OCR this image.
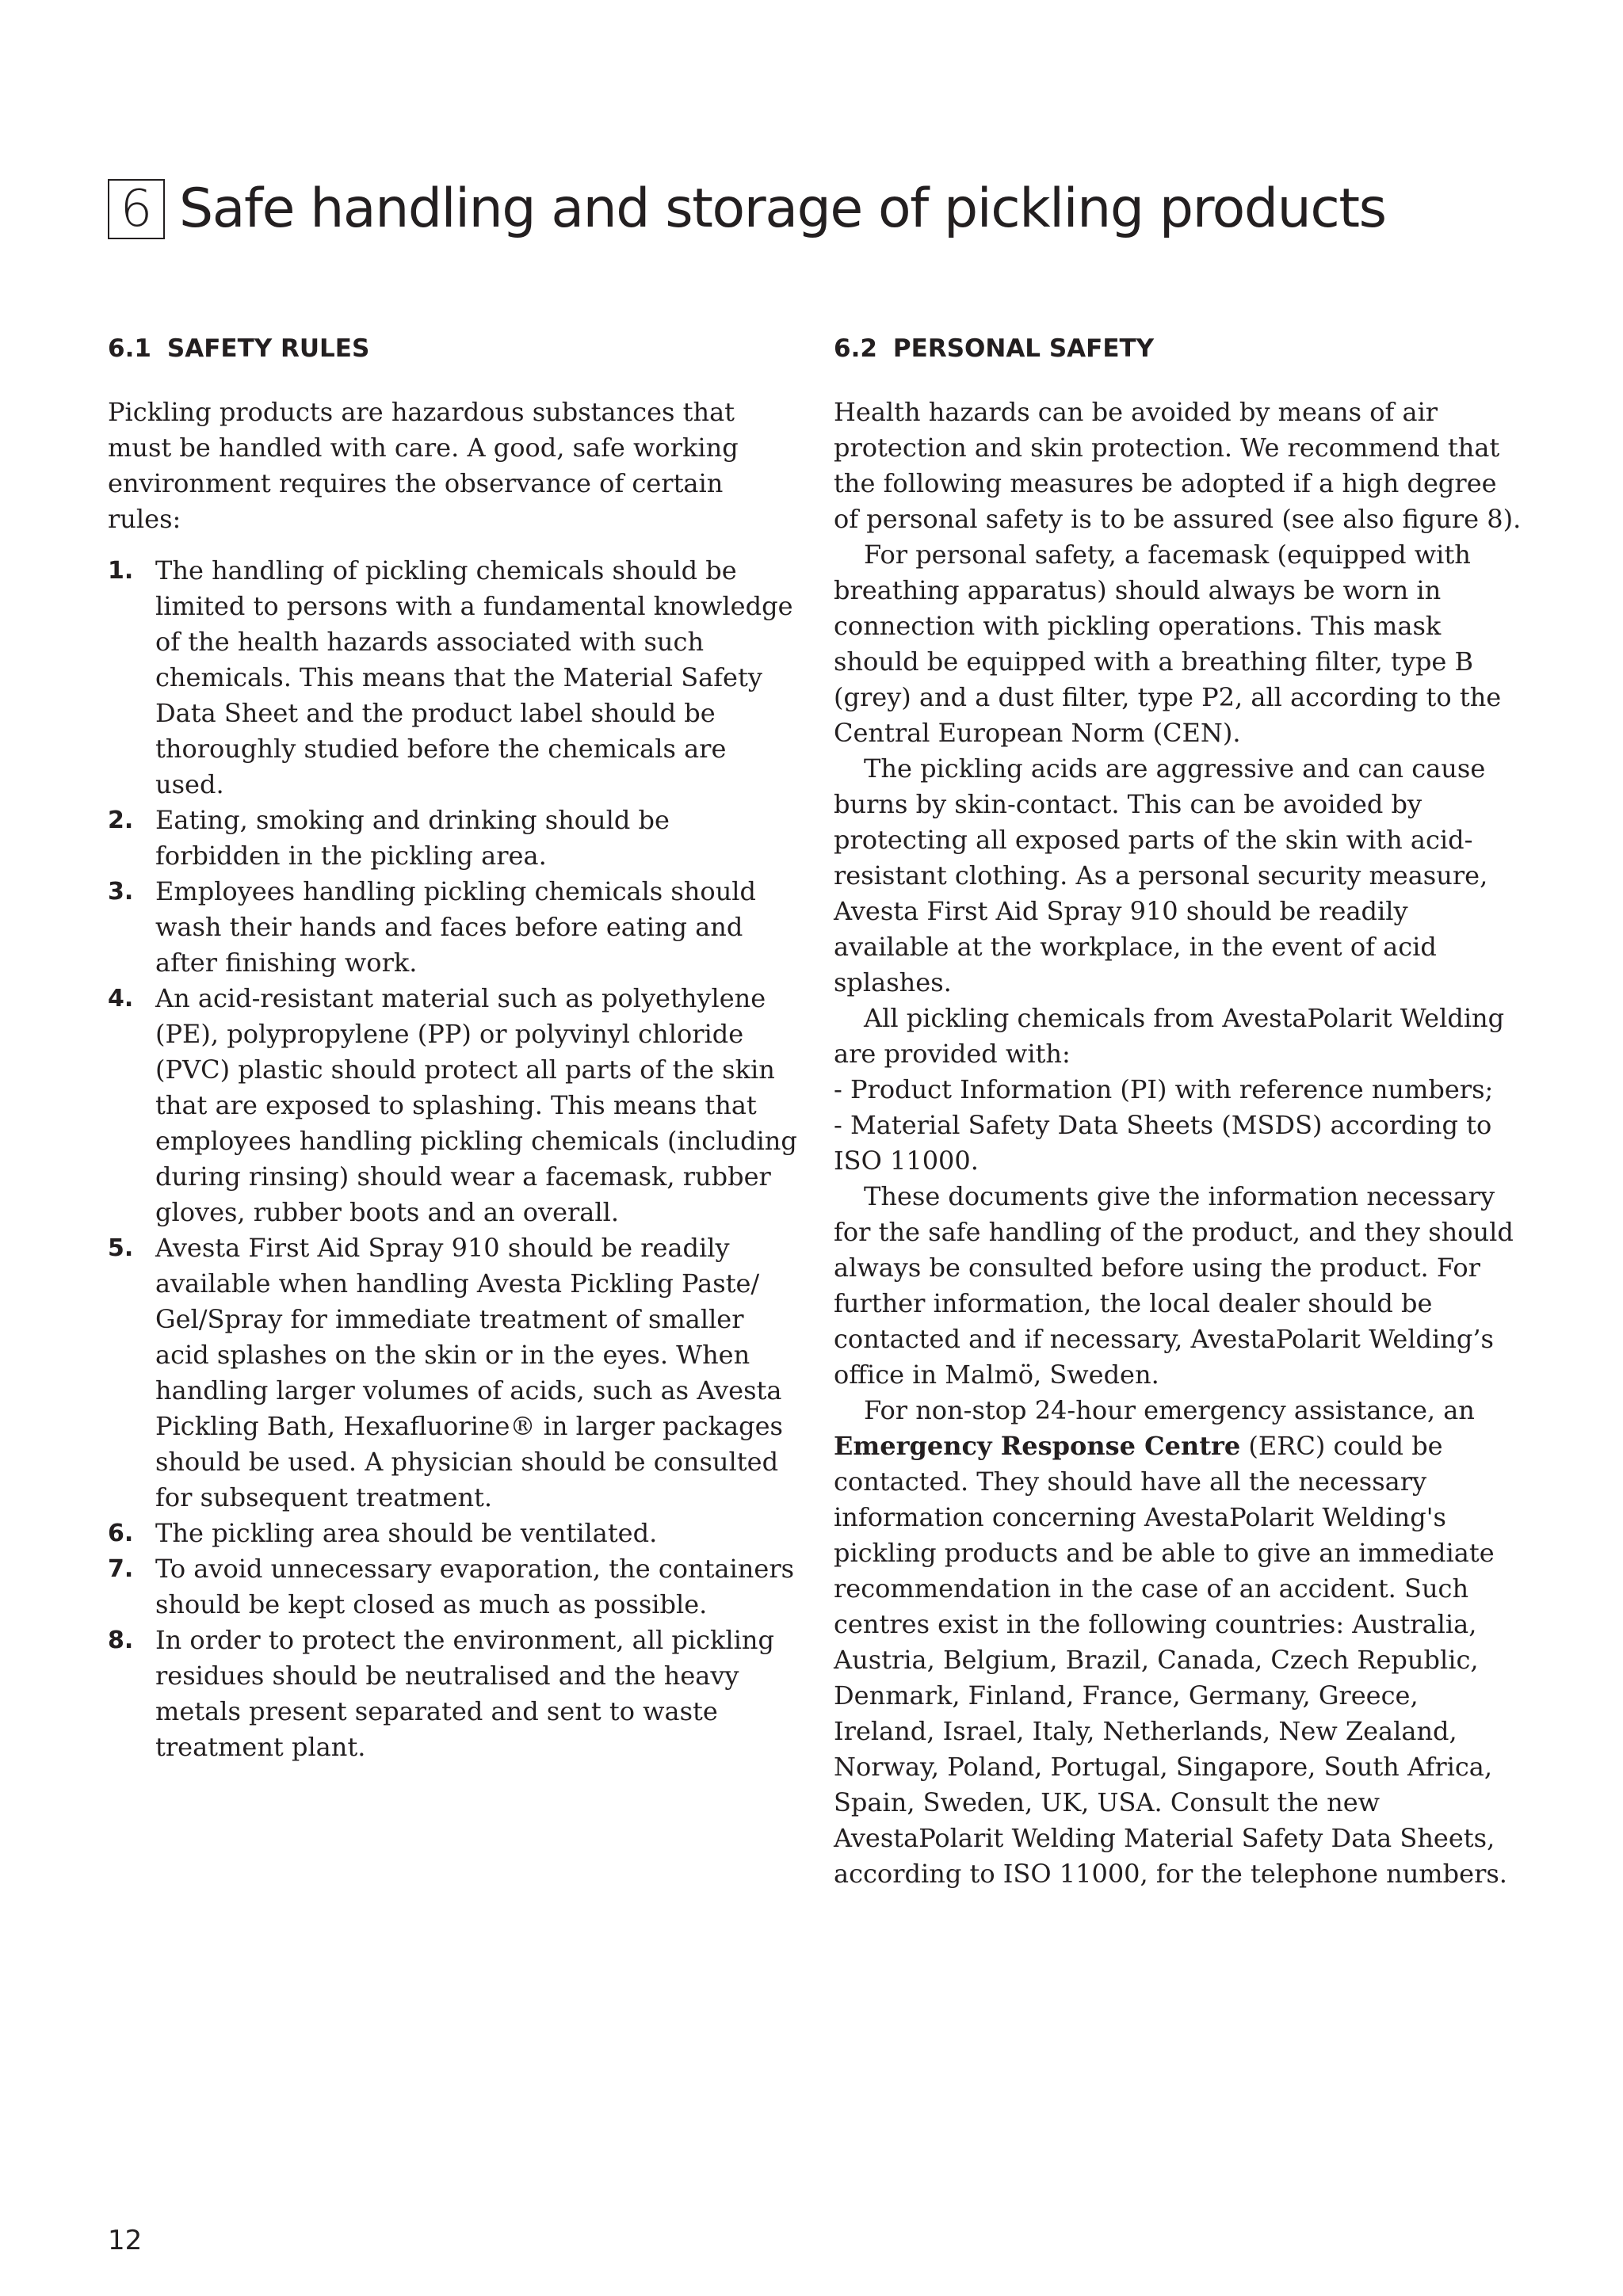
6 Safe handling and storage of pickling products
6.1 SAFETY RULES

Pickling products are hazardous substances that must be handled with care. A good, safe working environment requires the observance of certain rules:

1. The handling of pickling chemicals should be limited to persons with a fundamental knowledge of the health hazards associated with such chemicals. This means that the Material Safety Data Sheet and the product label should be thoroughly studied before the chemicals are used.
2. Eating, smoking and drinking should be forbidden in the pickling area.
3. Employees handling pickling chemicals should wash their hands and faces before eating and after finishing work.
4. An acid-resistant material such as polyethylene (PE), polypropylene (PP) or polyvinyl chloride (PVC) plastic should protect all parts of the skin that are exposed to splashing. This means that employees handling pickling chemicals (including during rinsing) should wear a facemask, rubber gloves, rubber boots and an overall.
5. Avesta First Aid Spray 910 should be readily available when handling Avesta Pickling Paste/ Gel/Spray for immediate treatment of smaller acid splashes on the skin or in the eyes. When handling larger volumes of acids, such as Avesta Pickling Bath, Hexafluorine® in larger packages should be used. A physician should be consulted for subsequent treatment.
6. The pickling area should be ventilated.
7. To avoid unnecessary evaporation, the containers should be kept closed as much as possible.
8. In order to protect the environment, all pickling residues should be neutralised and the heavy metals present separated and sent to waste treatment plant.
6.2 PERSONAL SAFETY

Health hazards can be avoided by means of air protection and skin protection. We recommend that the following measures be adopted if a high degree of personal safety is to be assured (see also figure 8).

For personal safety, a facemask (equipped with breathing apparatus) should always be worn in connection with pickling operations. This mask should be equipped with a breathing filter, type B (grey) and a dust filter, type P2, all according to the Central European Norm (CEN).

The pickling acids are aggressive and can cause burns by skin-contact. This can be avoided by protecting all exposed parts of the skin with acid-resistant clothing. As a personal security measure, Avesta First Aid Spray 910 should be readily available at the workplace, in the event of acid splashes.

All pickling chemicals from AvestaPolarit Welding are provided with:

- Product Information (PI) with reference numbers;

- Material Safety Data Sheets (MSDS) according to ISO 11000.

These documents give the information necessary for the safe handling of the product, and they should always be consulted before using the product. For further information, the local dealer should be contacted and if necessary, AvestaPolarit Welding’s office in Malmö, Sweden.

For non-stop 24-hour emergency assistance, an Emergency Response Centre (ERC) could be contacted. They should have all the necessary information concerning AvestaPolarit Welding's pickling products and be able to give an immediate recommendation in the case of an accident. Such centres exist in the following countries: Australia, Austria, Belgium, Brazil, Canada, Czech Republic, Denmark, Finland, France, Germany, Greece, Ireland, Israel, Italy, Netherlands, New Zealand, Norway, Poland, Portugal, Singapore, South Africa, Spain, Sweden, UK, USA. Consult the new AvestaPolarit Welding Material Safety Data Sheets, according to ISO 11000, for the telephone numbers.

12
